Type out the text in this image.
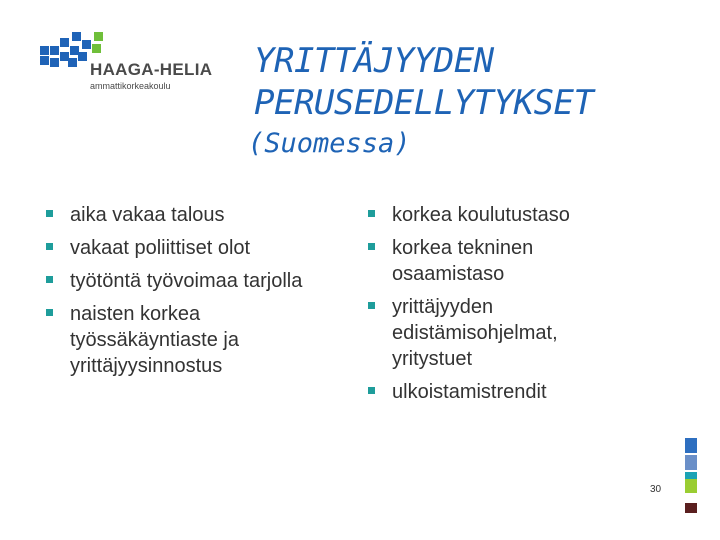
HAAGA-HELIA
ammattikorkeakoulu
YRITTÄJYYDEN
PERUSEDELLYTYKSET
(Suomessa)
aika vakaa talous
vakaat poliittiset olot
työtöntä työvoimaa tarjolla
naisten korkea työssäkäyntiaste ja yrittäjyysinnostus
korkea koulutustaso
korkea tekninen osaamistaso
yrittäjyyden edistämisohjelmat, yritystuet
ulkoistamistrendit
30
